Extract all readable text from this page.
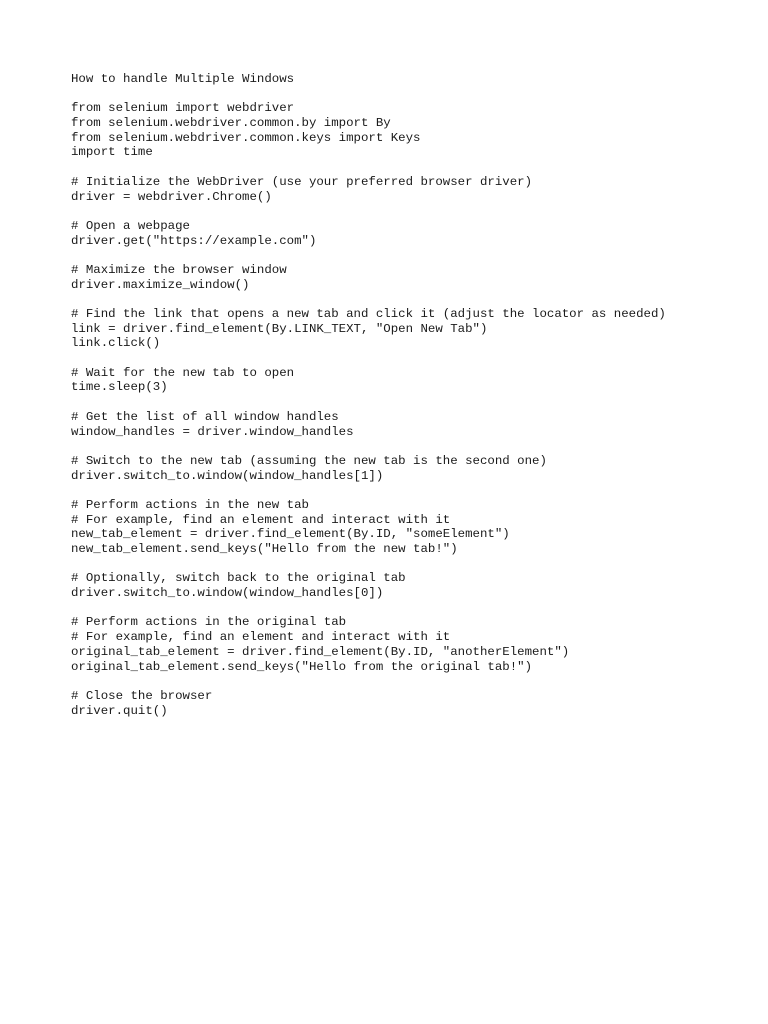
How to handle Multiple Windows
from selenium import webdriver
from selenium.webdriver.common.by import By
from selenium.webdriver.common.keys import Keys
import time
# Initialize the WebDriver (use your preferred browser driver)
driver = webdriver.Chrome()
# Open a webpage
driver.get("https://example.com")
# Maximize the browser window
driver.maximize_window()
# Find the link that opens a new tab and click it (adjust the locator as needed)
link = driver.find_element(By.LINK_TEXT, "Open New Tab")
link.click()
# Wait for the new tab to open
time.sleep(3)
# Get the list of all window handles
window_handles = driver.window_handles
# Switch to the new tab (assuming the new tab is the second one)
driver.switch_to.window(window_handles[1])
# Perform actions in the new tab
# For example, find an element and interact with it
new_tab_element = driver.find_element(By.ID, "someElement")
new_tab_element.send_keys("Hello from the new tab!")
# Optionally, switch back to the original tab
driver.switch_to.window(window_handles[0])
# Perform actions in the original tab
# For example, find an element and interact with it
original_tab_element = driver.find_element(By.ID, "anotherElement")
original_tab_element.send_keys("Hello from the original tab!")
# Close the browser
driver.quit()
